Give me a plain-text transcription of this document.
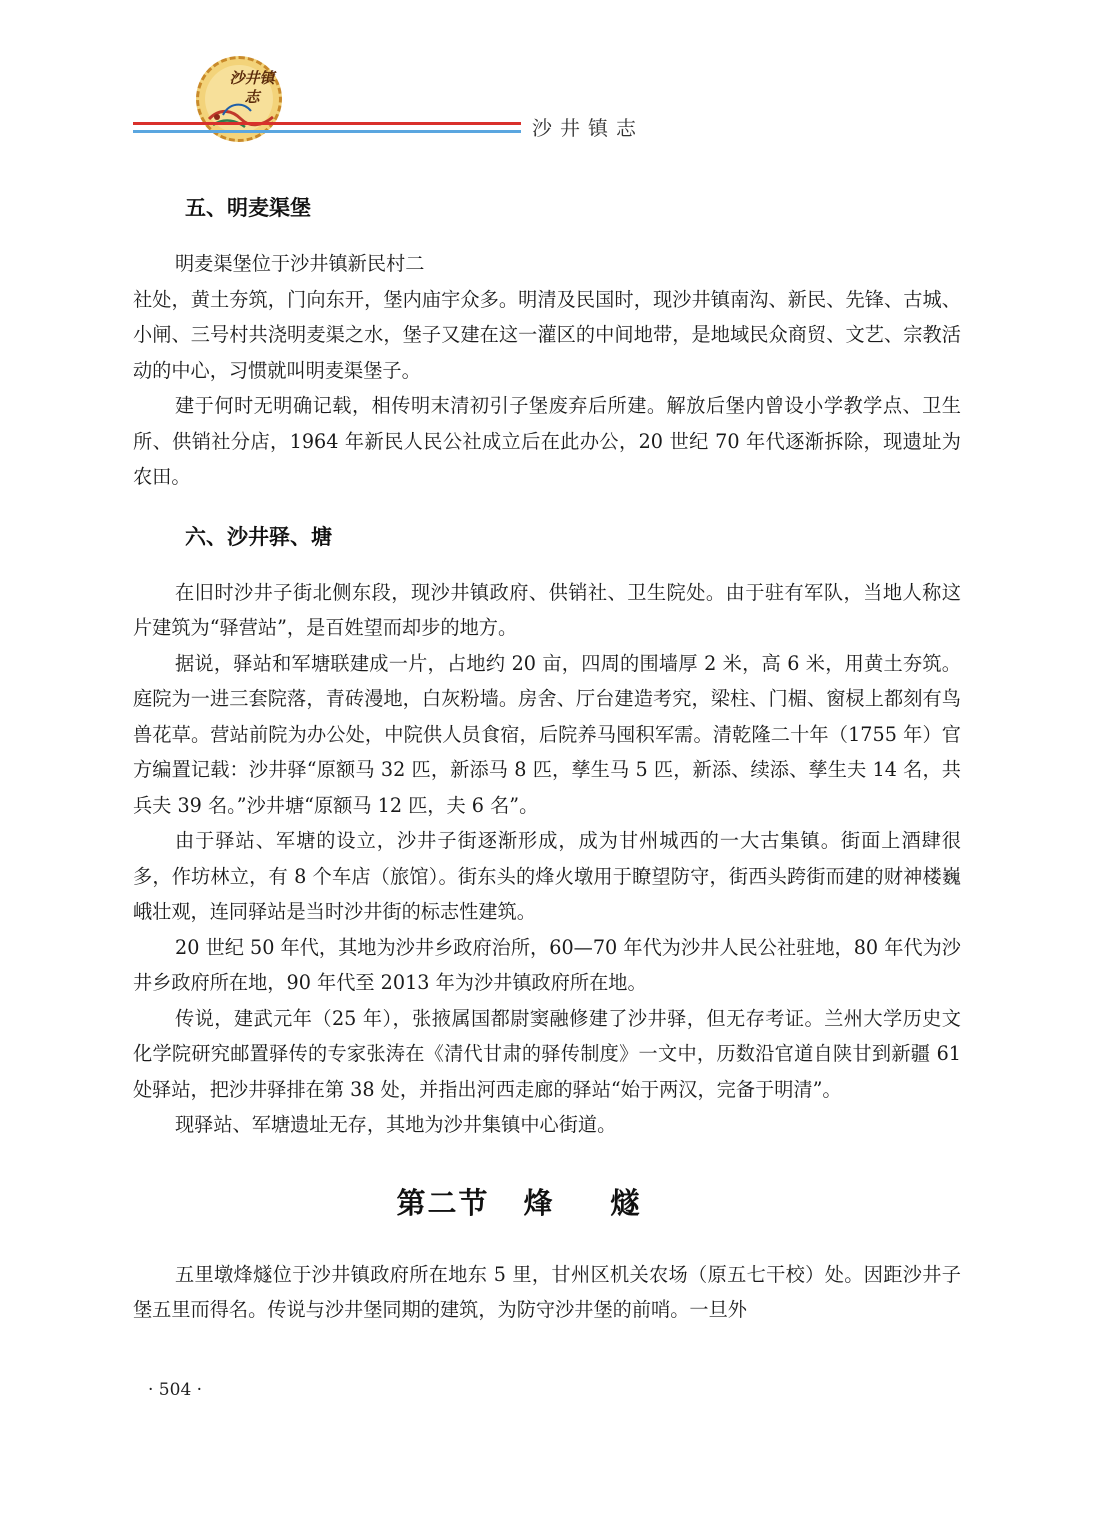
沙井镇志
沙井镇志
五、明麦渠堡

明麦渠堡位于沙井镇新民村二

社处，黄土夯筑，门向东开，堡内庙宇众多。明清及民国时，现沙井镇南沟、新民、先锋、古城、小闸、三号村共浇明麦渠之水，堡子又建在这一灌区的中间地带，是地域民众商贸、文艺、宗教活动的中心，习惯就叫明麦渠堡子。

建于何时无明确记载，相传明末清初引子堡废弃后所建。解放后堡内曾设小学教学点、卫生所、供销社分店，1964 年新民人民公社成立后在此办公，20 世纪 70 年代逐渐拆除，现遗址为农田。

六、沙井驿、塘

在旧时沙井子街北侧东段，现沙井镇政府、供销社、卫生院处。由于驻有军队，当地人称这片建筑为“驿营站”，是百姓望而却步的地方。

据说，驿站和军塘联建成一片，占地约 20 亩，四周的围墙厚 2 米，高 6 米，用黄土夯筑。庭院为一进三套院落，青砖漫地，白灰粉墙。房舍、厅台建造考究，梁柱、门楣、窗棂上都刻有鸟兽花草。营站前院为办公处，中院供人员食宿，后院养马囤积军需。清乾隆二十年（1755 年）官方编置记载：沙井驿“原额马 32 匹，新添马 8 匹，孳生马 5 匹，新添、续添、孳生夫 14 名，共兵夫 39 名。”沙井塘“原额马 12 匹，夫 6 名”。

由于驿站、军塘的设立，沙井子街逐渐形成，成为甘州城西的一大古集镇。街面上酒肆很多，作坊林立，有 8 个车店（旅馆）。街东头的烽火墩用于瞭望防守，街西头跨街而建的财神楼巍峨壮观，连同驿站是当时沙井街的标志性建筑。

20 世纪 50 年代，其地为沙井乡政府治所，60—70 年代为沙井人民公社驻地，80 年代为沙井乡政府所在地，90 年代至 2013 年为沙井镇政府所在地。

传说，建武元年（25 年），张掖属国都尉窦融修建了沙井驿，但无存考证。兰州大学历史文化学院研究邮置驿传的专家张涛在《清代甘肃的驿传制度》一文中，历数沿官道自陕甘到新疆 61 处驿站，把沙井驿排在第 38 处，并指出河西走廊的驿站“始于两汉，完备于明清”。

现驿站、军塘遗址无存，其地为沙井集镇中心街道。

第二节 烽燧

五里墩烽燧位于沙井镇政府所在地东 5 里，甘州区机关农场（原五七干校）处。因距沙井子堡五里而得名。传说与沙井堡同期的建筑，为防守沙井堡的前哨。一旦外

· 504 ·
